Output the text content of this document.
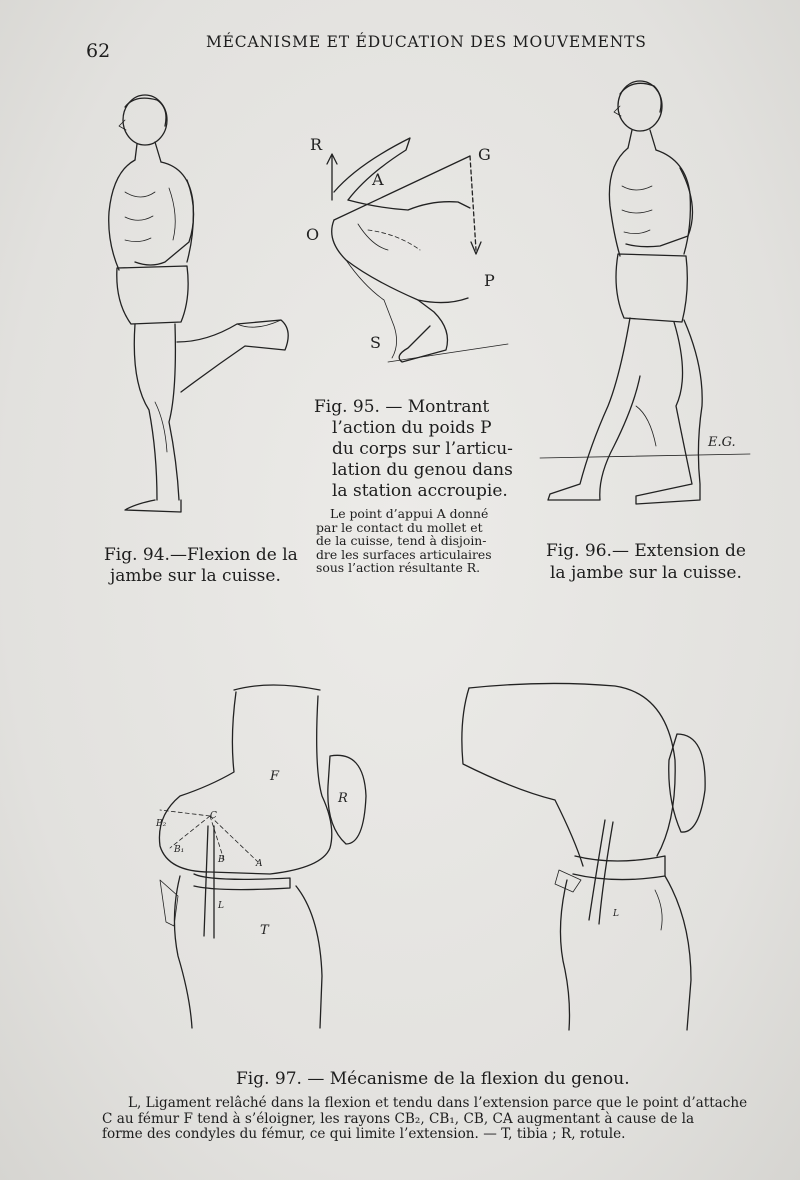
62	MÉCANISME ET ÉDUCATION DES MOUVEMENTS
Fig. 94.—Flexion de la
jambe sur la cuisse.
R
G
A
O
P
S
Fig. 95. — Montrant
l’action du poids P
du corps sur l’articu-
lation du genou dans
la station accroupie.
Le point d’appui A donné
par le contact du mollet et
de la cuisse, tend à disjoin-
dre les surfaces articulaires
sous l’action résultante R.
E.G.
Fig. 96.— Extension de
la jambe sur la cuisse.
F
R
C
B₂
B₁
B	A
L
T
L
Fig. 97. — Mécanisme de la flexion du genou.
L, Ligament relâché dans la flexion et tendu dans l’extension parce que le point d’attache
C au fémur F tend à s’éloigner, les rayons CB₂, CB₁, CB, CA augmentant à cause de la
forme des condyles du fémur, ce qui limite l’extension. — T, tibia ; R, rotule.
